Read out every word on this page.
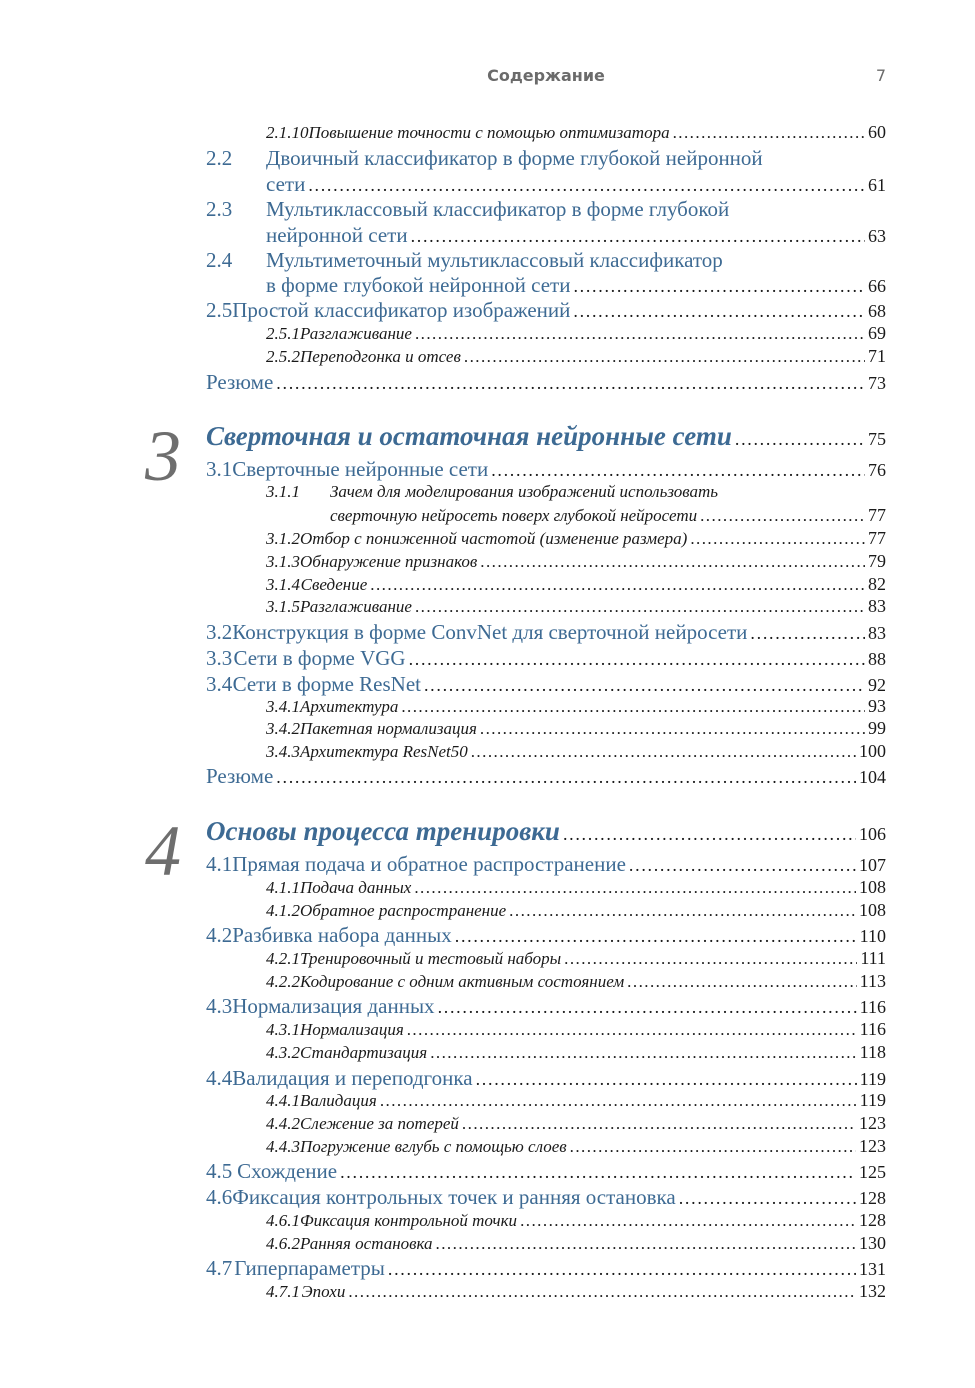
Содержание	7
2.1.10 Повышение точности с помощью оптимизатора . . .	60
2.2 Двоичный классификатор в форме глубокой нейронной
сети . . .	61
2.3 Мультиклассовый классификатор в форме глубокой
нейронной сети . . .	63
2.4 Мультиметочный мультиклассовый классификатор
в форме глубокой нейронной сети . . .	66
2.5 Простой классификатор изображений . . .	68
2.5.1 Разглаживание . . .	69
2.5.2 Переподгонка и отсев . . .	71
Резюме . . .	73
3 Сверточная и остаточная нейронные сети . . .	75
3.1 Сверточные нейронные сети . . .	76
3.1.1 Зачем для моделирования изображений использовать
сверточную нейросеть поверх глубокой нейросети . . .	77
3.1.2 Отбор с пониженной частотой (изменение размера) . . .	77
3.1.3 Обнаружение признаков . . .	79
3.1.4 Сведение . . .	82
3.1.5 Разглаживание . . .	83
3.2 Конструкция в форме ConvNet для сверточной нейросети . . .	83
3.3 Сети в форме VGG . . .	88
3.4 Сети в форме ResNet . . .	92
3.4.1 Архитектура . . .	93
3.4.2 Пакетная нормализация . . .	99
3.4.3 Архитектура ResNet50 . . .	100
Резюме . . .	104
4 Основы процесса тренировки . . .	106
4.1 Прямая подача и обратное распространение . . .	107
4.1.1 Подача данных . . .	108
4.1.2 Обратное распространение . . .	108
4.2 Разбивка набора данных . . .	110
4.2.1 Тренировочный и тестовый наборы . . .	111
4.2.2 Кодирование с одним активным состоянием . . .	113
4.3 Нормализация данных . . .	116
4.3.1 Нормализация . . .	116
4.3.2 Стандартизация . . .	118
4.4 Валидация и переподгонка . . .	119
4.4.1 Валидация . . .	119
4.4.2 Слежение за потерей . . .	123
4.4.3 Погружение вглубь с помощью слоев . . .	123
4.5 Схождение . . .	125
4.6 Фиксация контрольных точек и ранняя остановка . . .	128
4.6.1 Фиксация контрольной точки . . .	128
4.6.2 Ранняя остановка . . .	130
4.7 Гиперпараметры . . .	131
4.7.1 Эпохи . . .	132
